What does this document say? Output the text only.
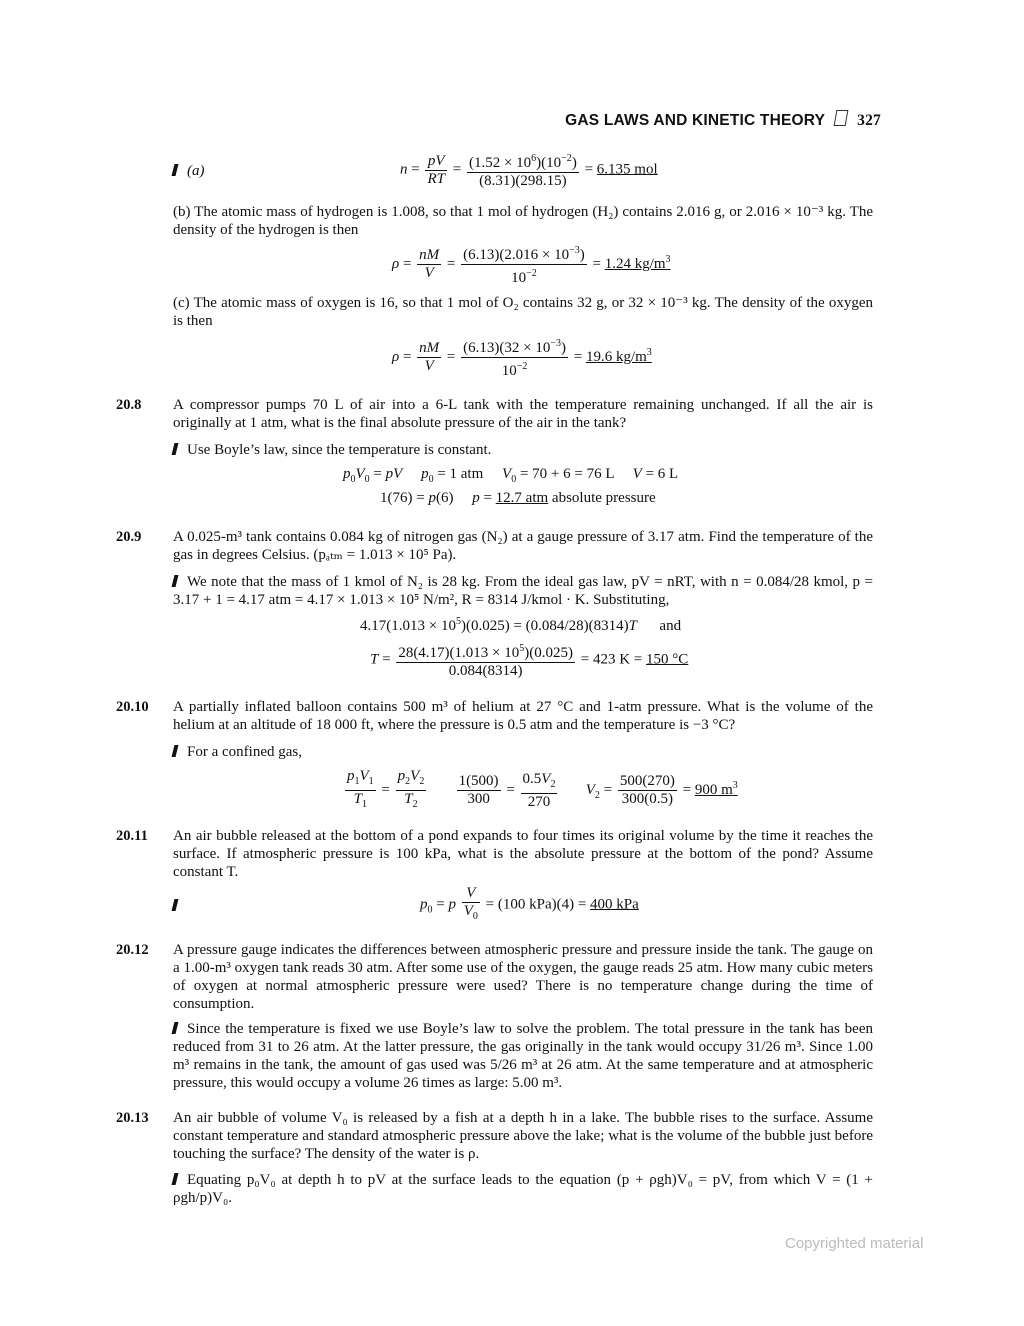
GAS LAWS AND KINETIC THEORY 327
(a)	$n = \frac{pV}{RT} = \frac{(1.52 \times 10^6)(10^{-2})}{(8.31)(298.15)} = 6.135$ mol
(b) The atomic mass of hydrogen is 1.008, so that 1 mol of hydrogen (H₂) contains 2.016 g, or 2.016 × 10⁻³ kg. The density of the hydrogen is then
$\rho = \frac{nM}{V} = \frac{(6.13)(2.016 \times 10^{-3})}{10^{-2}} = 1.24$ $kg/m^3$
(c) The atomic mass of oxygen is 16, so that 1 mol of O₂ contains 32 g, or 32 × 10⁻³ kg. The density of the oxygen is then
$\rho = \frac{nM}{V} = \frac{(6.13)(32 \times 10^{-3})}{10^{-2}} = 19.6$ $kg/m^3$
20.8 A compressor pumps 70 L of air into a 6-L tank with the temperature remaining unchanged. If all the air is originally at 1 atm, what is the final absolute pressure of the air in the tank?
Use Boyle’s law, since the temperature is constant.
$p_0V_0$ = pV $p_0 = 1$ atm     $V_0 = 70 + 6 = 76$ L     V = 6 L
1(76) = p(6)     p = 12.7 atm absolute pressure
20.9 A 0.025-m³ tank contains 0.084 kg of nitrogen gas (N₂) at a gauge pressure of 3.17 atm. Find the temperature of the gas in degrees Celsius. (pₐₜₘ = 1.013 × 10⁵ Pa).
We note that the mass of 1 kmol of N₂ is 28 kg. From the ideal gas law, pV = nRT, with n = 0.084/28 kmol, p = 3.17 + 1 = 4.17 atm = 4.17 × 1.013 × 10⁵ N/m², R = 8314 J/kmol · K. Substituting,
$4.17(1.013 \times 10^5)(0.025) = (0.084/28)(8314)T$      and
$T = \frac{28(4.17)(1.013 \times 10^5)(0.025)}{0.084(8314)} = 423$ K = 150 °C
20.10 A partially inflated balloon contains 500 m³ of helium at 27 °C and 1-atm pressure. What is the volume of the helium at an altitude of 18 000 ft, where the pressure is 0.5 atm and the temperature is −3 °C?
For a confined gas,
$\frac{p_1V_1}{T_1} = \frac{p_2V_2}{T_2}$
$\frac{1(500)}{300} = \frac{0.5V_2}{270} V_2 = \frac{500(270)}{300(0.5)} = 900$ $m^3$
20.11 An air bubble released at the bottom of a pond expands to four times its original volume by the time it reaches the surface. If atmospheric pressure is 100 kPa, what is the absolute pressure at the bottom of the pond? Assume constant T.
$p_0 = p \frac{V}{V_0} = (100$ kPa)(4) = 400 kPa
20.12 A pressure gauge indicates the differences between atmospheric pressure and pressure inside the tank. The gauge on a 1.00-m³ oxygen tank reads 30 atm. After some use of the oxygen, the gauge reads 25 atm. How many cubic meters of oxygen at normal atmospheric pressure were used? There is no temperature change during the time of consumption.
Since the temperature is fixed we use Boyle’s law to solve the problem. The total pressure in the tank has been reduced from 31 to 26 atm. At the latter pressure, the gas originally in the tank would occupy 31/26 m³. Since 1.00 m³ remains in the tank, the amount of gas used was 5/26 m³ at 26 atm. At the same temperature and at atmospheric pressure, this would occupy a volume 26 times as large: 5.00 m³.
20.13 An air bubble of volume V₀ is released by a fish at a depth h in a lake. The bubble rises to the surface. Assume constant temperature and standard atmospheric pressure above the lake; what is the volume of the bubble just before touching the surface? The density of the water is ρ.
Equating p₀V₀ at depth h to pV at the surface leads to the equation (p + ρgh)V₀ = pV, from which V = (1 + ρgh/p)V₀.
Copyrighted material
